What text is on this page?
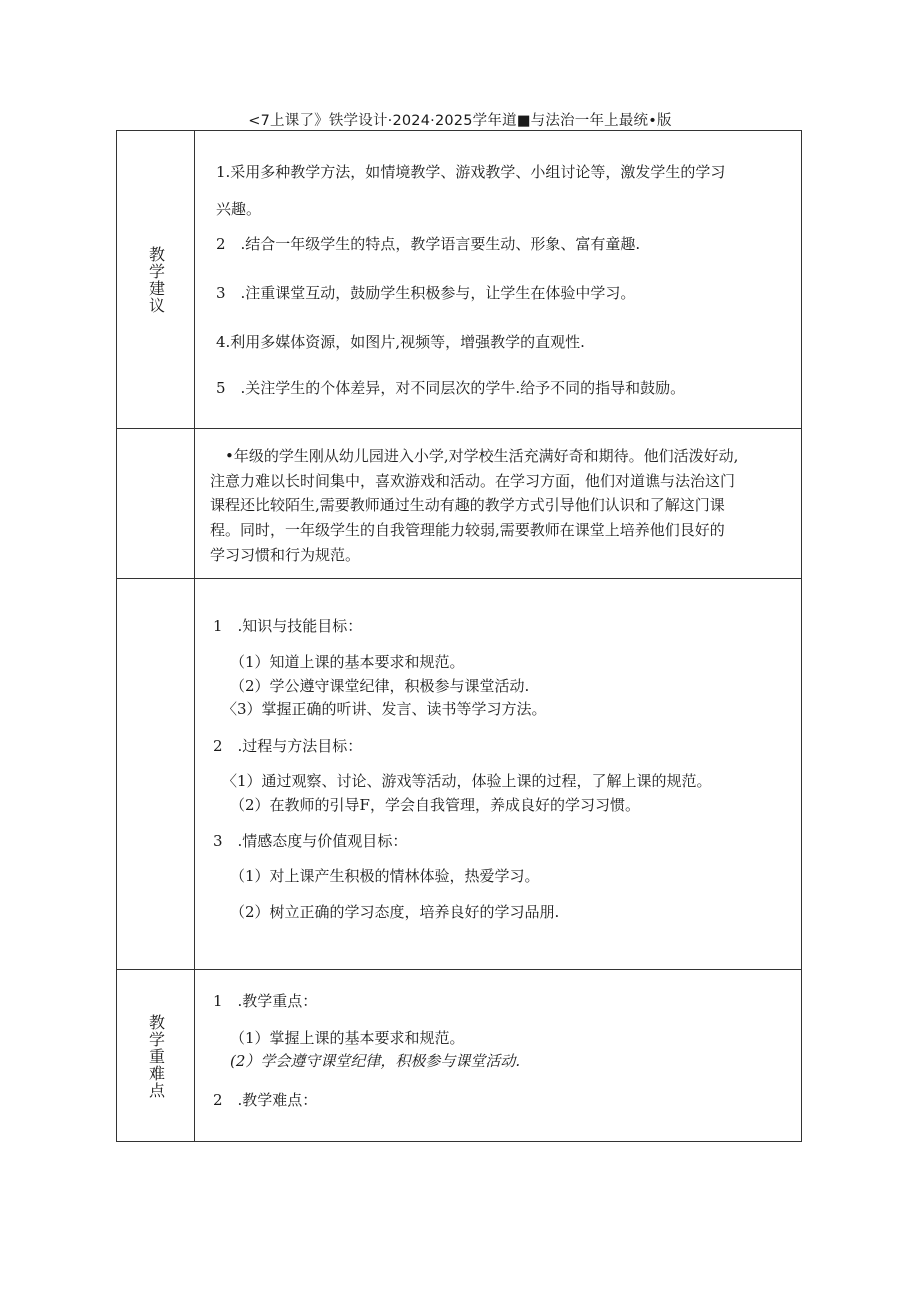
<7上课了》铁学设计·2024·2025学年道■与法治一年上最统•版
教学建议
1.采用多种教学方法，如情境教学、游戏教学、小组讨论等，激发学生的学习
兴趣。
2　.结合一年级学生的特点，教学语言要生动、形象、富有童趣.
3　.注重课堂互动，鼓励学生积极参与，让学生在体验中学习。
4.利用多媒体资源，如图片,视频等，增强教学的直观性.
5　.关注学生的个体差异，对不同层次的学牛.给予不同的指导和鼓励。
•年级的学生刚从幼儿园进入小学,对学校生活充满好奇和期待。他们活泼好动,
注意力难以长时间集中，喜欢游戏和活动。在学习方面，他们对道谯与法治这门
课程还比较陌生,需要教师通过生动有趣的教学方式引导他们认识和了解这门课
程。同时，一年级学生的自我管理能力较弱,需要教师在课堂上培养他们艮好的
学习习惯和行为规范。
1　.知识与技能目标：
（1）知道上课的基本要求和规范。
（2）学公遵守课堂纪律，积极参与课堂活动.
〈3）掌握正确的听讲、发言、读书等学习方法。
2　.过程与方法目标：
〈1）通过观察、讨论、游戏等活动，体验上课的过程，了解上课的规范。
（2）在教师的引导F，学会自我管理，养成良好的学习习惯。
3　.情感态度与价值观目标：
（1）对上课产生积极的情林体验，热爱学习。
（2）树立正确的学习态度，培养良好的学习品朋.
教学重难点
1　.教学重点：
（1）掌握上课的基本要求和规范。
(2）学会遵守课堂纪律，积极参与课堂活动.
2　.教学难点：
